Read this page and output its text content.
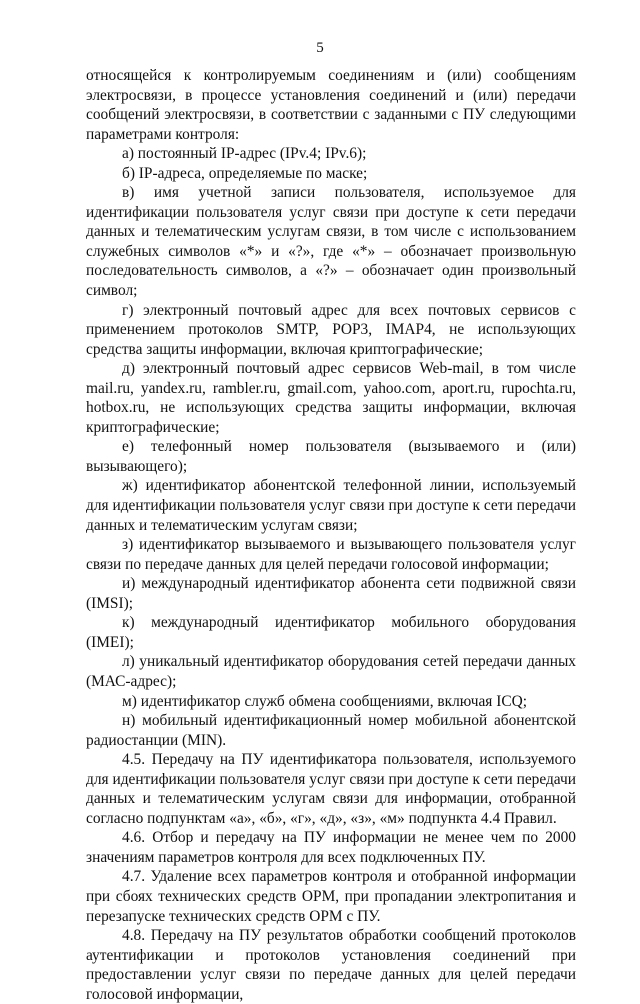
5

относящейся к контролируемым соединениям и (или) сообщениям электросвязи, в процессе установления соединений и (или) передачи сообщений электросвязи, в соответствии с заданными с ПУ следующими параметрами контроля:

а) постоянный IP-адрес (IPv.4; IPv.6);

б) IP-адреса, определяемые по маске;

в) имя учетной записи пользователя, используемое для идентификации пользователя услуг связи при доступе к сети передачи данных и телематическим услугам связи, в том числе с использованием служебных символов «*» и «?», где «*» – обозначает произвольную последовательность символов, а «?» – обозначает один произвольный символ;

г) электронный почтовый адрес для всех почтовых сервисов с применением протоколов SMTP, POP3, IMAP4, не использующих средства защиты информации, включая криптографические;

д) электронный почтовый адрес сервисов Web-mail, в том числе mail.ru, yandex.ru, rambler.ru, gmail.com, yahoo.com, aport.ru, rupochta.ru, hotbox.ru, не использующих средства защиты информации, включая криптографические;

е) телефонный номер пользователя (вызываемого и (или) вызывающего);

ж) идентификатор абонентской телефонной линии, используемый для идентификации пользователя услуг связи при доступе к сети передачи данных и телематическим услугам связи;

з) идентификатор вызываемого и вызывающего пользователя услуг связи по передаче данных для целей передачи голосовой информации;

и) международный идентификатор абонента сети подвижной связи (IMSI);

к) международный идентификатор мобильного оборудования (IMEI);

л) уникальный идентификатор оборудования сетей передачи данных (МАС-адрес);

м) идентификатор служб обмена сообщениями, включая ICQ;

н) мобильный идентификационный номер мобильной абонентской радиостанции (MIN).

4.5. Передачу на ПУ идентификатора пользователя, используемого для идентификации пользователя услуг связи при доступе к сети передачи данных и телематическим услугам связи для информации, отобранной согласно подпунктам «а», «б», «г», «д», «з», «м» подпункта 4.4 Правил.

4.6. Отбор и передачу на ПУ информации не менее чем по 2000 значениям параметров контроля для всех подключенных ПУ.

4.7. Удаление всех параметров контроля и отобранной информации при сбоях технических средств ОРМ, при пропадании электропитания и перезапуске технических средств ОРМ с ПУ.

4.8. Передачу на ПУ результатов обработки сообщений протоколов аутентификации и протоколов установления соединений при предоставлении услуг связи по передаче данных для целей передачи голосовой информации,
